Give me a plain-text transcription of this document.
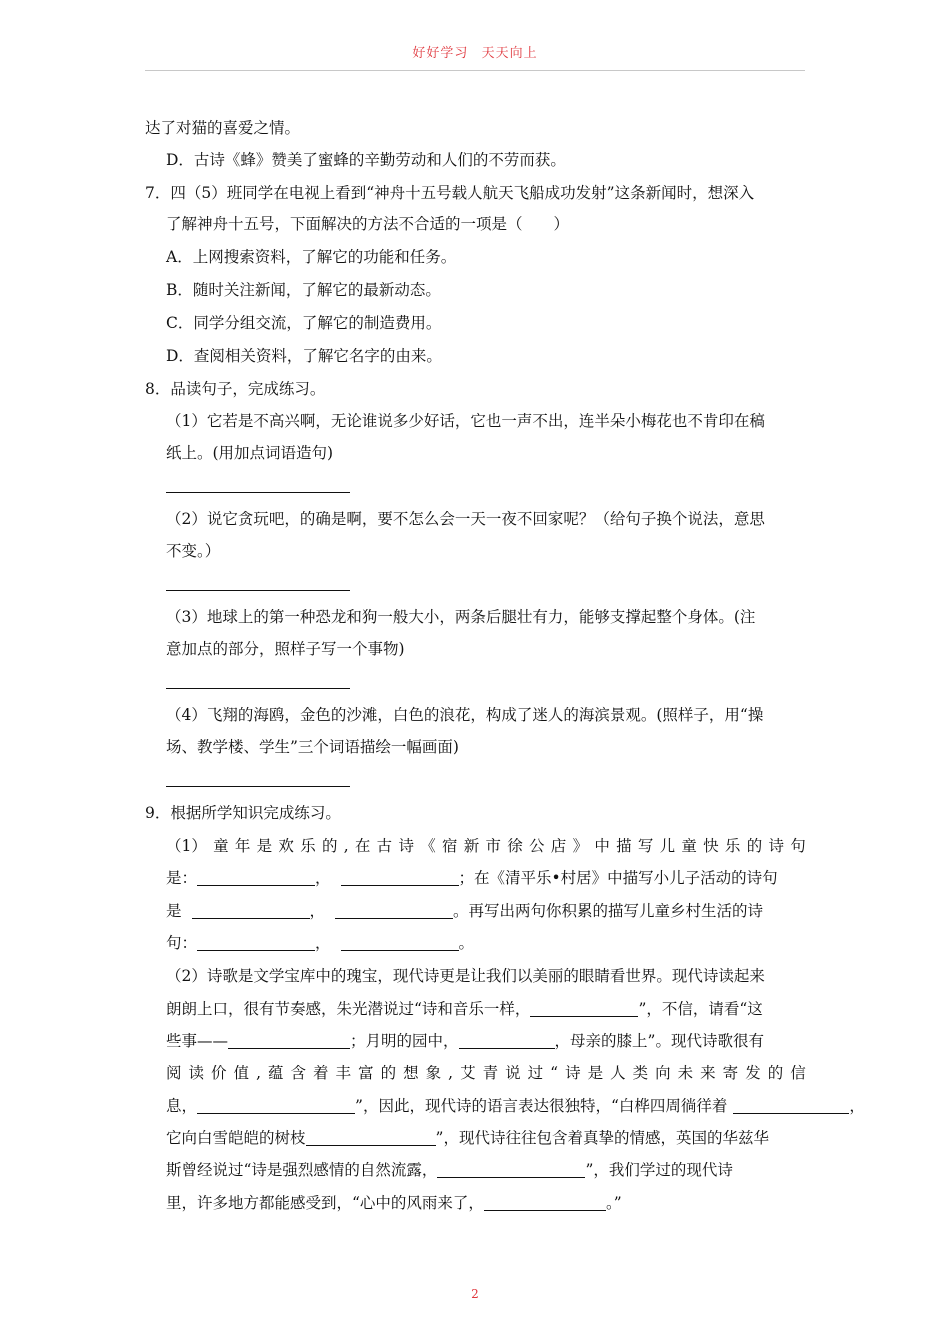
好好学习 天天向上
达了对猫的喜爱之情。
D．古诗《蜂》赞美了蜜蜂的辛勤劳动和人们的不劳而获。
7．四（5）班同学在电视上看到“神舟十五号载人航天飞船成功发射”这条新闻时，想深入
了解神舟十五号，下面解决的方法不合适的一项是（　　）
A．上网搜索资料，了解它的功能和任务。
B．随时关注新闻，了解它的最新动态。
C．同学分组交流，了解它的制造费用。
D．查阅相关资料，了解它名字的由来。
8．品读句子，完成练习。
（1）它若是不高兴啊，无论谁说多少好话，它也一声不出，连半朵小梅花也不肯印在稿
纸上。(用加点词语造句)
（2）说它贪玩吧，的确是啊，要不怎么会一天一夜不回家呢？（给句子换个说法，意思
不变。）
（3）地球上的第一种恐龙和狗一般大小，两条后腿壮有力，能够支撑起整个身体。(注
意加点的部分，照样子写一个事物)
（4）飞翔的海鸥，金色的沙滩，白色的浪花，构成了迷人的海滨景观。(照样子，用“操
场、教学楼、学生”三个词语描绘一幅画面)
9．根据所学知识完成练习。
（1） 童 年 是 欢 乐 的 , 在 古 诗 《 宿 新 市 徐 公 店 》 中 描 写 儿 童 快 乐 的 诗 句
是：	，	；在《清平乐•村居》中描写小儿子活动的诗句
是	，	。再写出两句你积累的描写儿童乡村生活的诗
句：	，	。
（2）诗歌是文学宝库中的瑰宝，现代诗更是让我们以美丽的眼睛看世界。现代诗读起来
朗朗上口，很有节奏感，朱光潜说过“诗和音乐一样，	”，不信，请看“这
些事——	；月明的园中，	，母亲的膝上”。现代诗歌很有
阅 读 价 值 , 蕴 含 着 丰 富 的 想 象 , 艾 青 说 过 “ 诗 是 人 类 向 未 来 寄 发 的 信
息，	”，因此，现代诗的语言表达很独特，“白桦四周徜徉着	，
它向白雪皑皑的树枝	”，现代诗往往包含着真挚的情感，英国的华兹华
斯曾经说过“诗是强烈感情的自然流露，	”，我们学过的现代诗
里，许多地方都能感受到，“心中的风雨来了，	。”
2
